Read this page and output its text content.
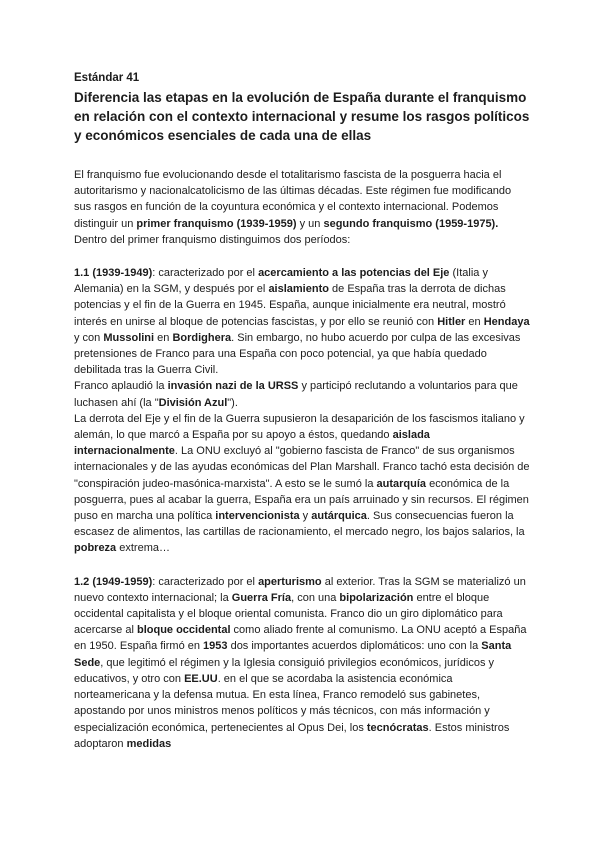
Estándar 41

Diferencia las etapas en la evolución de España durante el franquismo en relación con el contexto internacional y resume los rasgos políticos y económicos esenciales de cada una de ellas

El franquismo fue evolucionando desde el totalitarismo fascista de la posguerra hacia el autoritarismo y nacionalcatolicismo de las últimas décadas. Este régimen fue modificando sus rasgos en función de la coyuntura económica y el contexto internacional. Podemos distinguir un primer franquismo (1939-1959) y un segundo franquismo (1959-1975). Dentro del primer franquismo distinguimos dos períodos:

1.1 (1939-1949): caracterizado por el acercamiento a las potencias del Eje (Italia y Alemania) en la SGM, y después por el aislamiento de España tras la derrota de dichas potencias y el fin de la Guerra en 1945. España, aunque inicialmente era neutral, mostró interés en unirse al bloque de potencias fascistas, y por ello se reunió con Hitler en Hendaya y con Mussolini en Bordighera. Sin embargo, no hubo acuerdo por culpa de las excesivas pretensiones de Franco para una España con poco potencial, ya que había quedado debilitada tras la Guerra Civil.

Franco aplaudió la invasión nazi de la URSS y participó reclutando a voluntarios para que luchasen ahí (la "División Azul").

La derrota del Eje y el fin de la Guerra supusieron la desaparición de los fascismos italiano y alemán, lo que marcó a España por su apoyo a éstos, quedando aislada internacionalmente. La ONU excluyó al "gobierno fascista de Franco" de sus organismos internacionales y de las ayudas económicas del Plan Marshall. Franco tachó esta decisión de "conspiración judeo-masónica-marxista". A esto se le sumó la autarquía económica de la posguerra, pues al acabar la guerra, España era un país arruinado y sin recursos. El régimen puso en marcha una política intervencionista y autárquica. Sus consecuencias fueron la escasez de alimentos, las cartillas de racionamiento, el mercado negro, los bajos salarios, la pobreza extrema…

1.2 (1949-1959): caracterizado por el aperturismo al exterior. Tras la SGM se materializó un nuevo contexto internacional; la Guerra Fría, con una bipolarización entre el bloque occidental capitalista y el bloque oriental comunista. Franco dio un giro diplomático para acercarse al bloque occidental como aliado frente al comunismo. La ONU aceptó a España en 1950. España firmó en 1953 dos importantes acuerdos diplomáticos: uno con la Santa Sede, que legitimó el régimen y la Iglesia consiguió privilegios económicos, jurídicos y educativos, y otro con EE.UU. en el que se acordaba la asistencia económica norteamericana y la defensa mutua. En esta línea, Franco remodeló sus gabinetes, apostando por unos ministros menos políticos y más técnicos, con más información y especialización económica, pertenecientes al Opus Dei, los tecnócratas. Estos ministros adoptaron medidas
